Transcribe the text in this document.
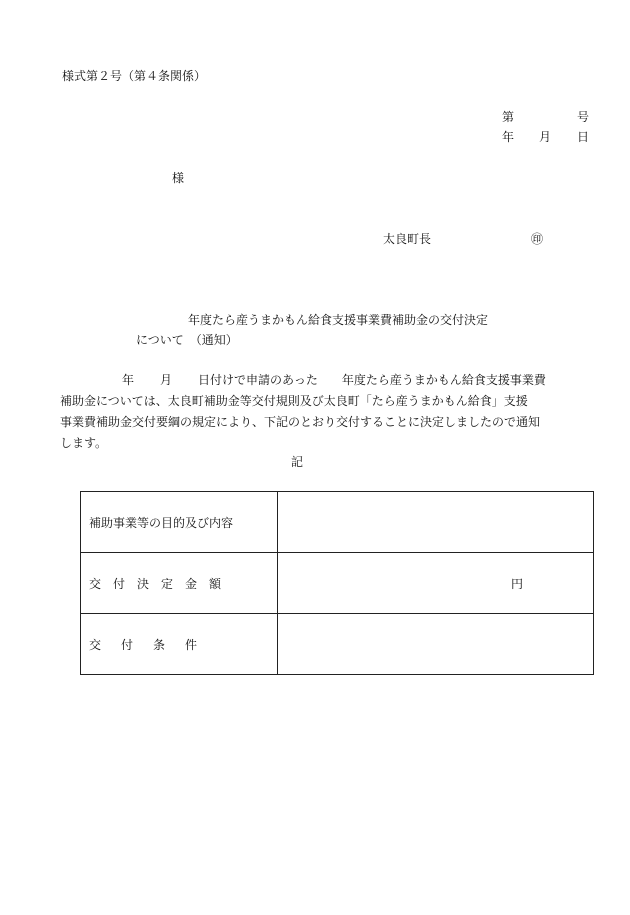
様式第２号（第４条関係）
第	号
年 月 日
様
太良町長	㊞
年度たら産うまかもん給食支援事業費補助金の交付決定
について　（通知）
年 月 日付けで申請のあった 年度たら産うまかもん給食支援事業費
補助金については、太良町補助金等交付規則及び太良町「たら産うまかもん給食」支援
事業費補助金交付要綱の規定により、下記のとおり交付することに決定しましたので通知
します。
記
補助事業等の目的及び内容	
交付決定金額	円
交付条件	
